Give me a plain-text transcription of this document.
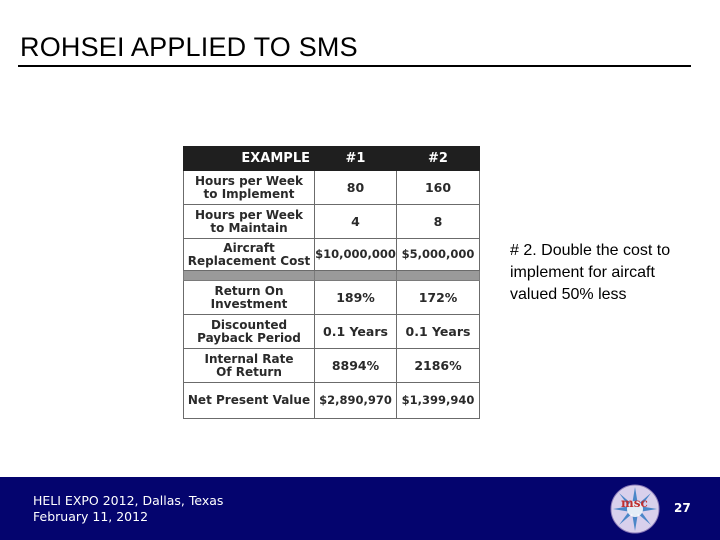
ROHSEI APPLIED TO SMS
EXAMPLE	#1	#2

Hours per Week
to Implement	80	160

Hours per Week
to Maintain	4	8

Aircraft
Replacement Cost	$10,000,000	$5,000,000

Return On
Investment	189%	172%

Discounted
Payback Period	0.1 Years	0.1 Years

Internal Rate
Of Return	8894%	2186%

Net Present Value	$2,890,970	$1,399,940
# 2. Double the cost to implement for aircaft valued 50% less
HELI EXPO 2012, Dallas, Texas
February 11, 2012
msc 27
